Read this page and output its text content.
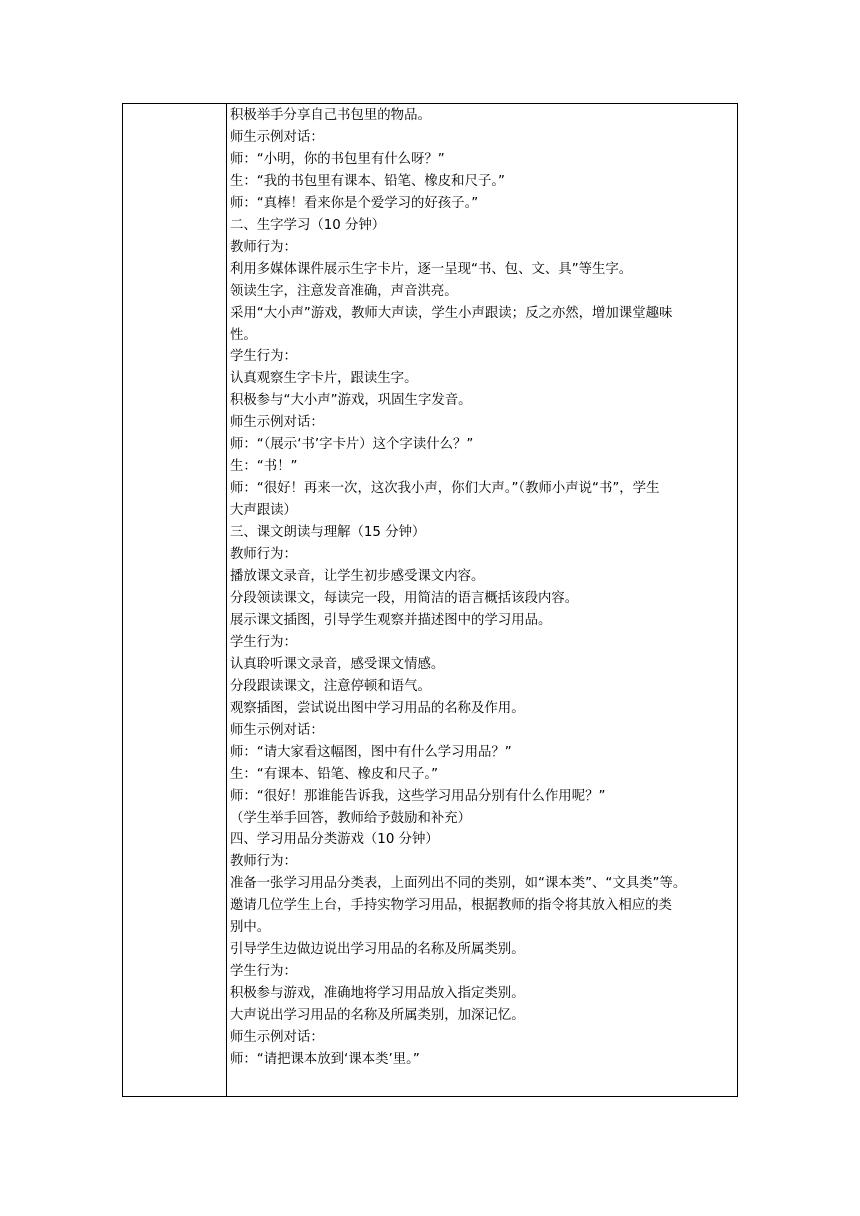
积极举手分享自己书包里的物品。

师生示例对话：

师：“小明，你的书包里有什么呀？”

生：“我的书包里有课本、铅笔、橡皮和尺子。”

师：“真棒！看来你是个爱学习的好孩子。”

二、生字学习（10 分钟）

教师行为：

利用多媒体课件展示生字卡片，逐一呈现“书、包、文、具”等生字。

领读生字，注意发音准确，声音洪亮。

采用“大小声”游戏，教师大声读，学生小声跟读；反之亦然，增加课堂趣味

性。

学生行为：

认真观察生字卡片，跟读生字。

积极参与“大小声”游戏，巩固生字发音。

师生示例对话：

师：“（展示‘书’字卡片）这个字读什么？”

生：“书！”

师：“很好！再来一次，这次我小声，你们大声。”（教师小声说“书”，学生

大声跟读）

三、课文朗读与理解（15 分钟）

教师行为：

播放课文录音，让学生初步感受课文内容。

分段领读课文，每读完一段，用简洁的语言概括该段内容。

展示课文插图，引导学生观察并描述图中的学习用品。

学生行为：

认真聆听课文录音，感受课文情感。

分段跟读课文，注意停顿和语气。

观察插图，尝试说出图中学习用品的名称及作用。

师生示例对话：

师：“请大家看这幅图，图中有什么学习用品？”

生：“有课本、铅笔、橡皮和尺子。”

师：“很好！那谁能告诉我，这些学习用品分别有什么作用呢？”

（学生举手回答，教师给予鼓励和补充）

四、学习用品分类游戏（10 分钟）

教师行为：

准备一张学习用品分类表，上面列出不同的类别，如“课本类”、“文具类”等。

邀请几位学生上台，手持实物学习用品，根据教师的指令将其放入相应的类

别中。

引导学生边做边说出学习用品的名称及所属类别。

学生行为：

积极参与游戏，准确地将学习用品放入指定类别。

大声说出学习用品的名称及所属类别，加深记忆。

师生示例对话：

师：“请把课本放到‘课本类’里。”
